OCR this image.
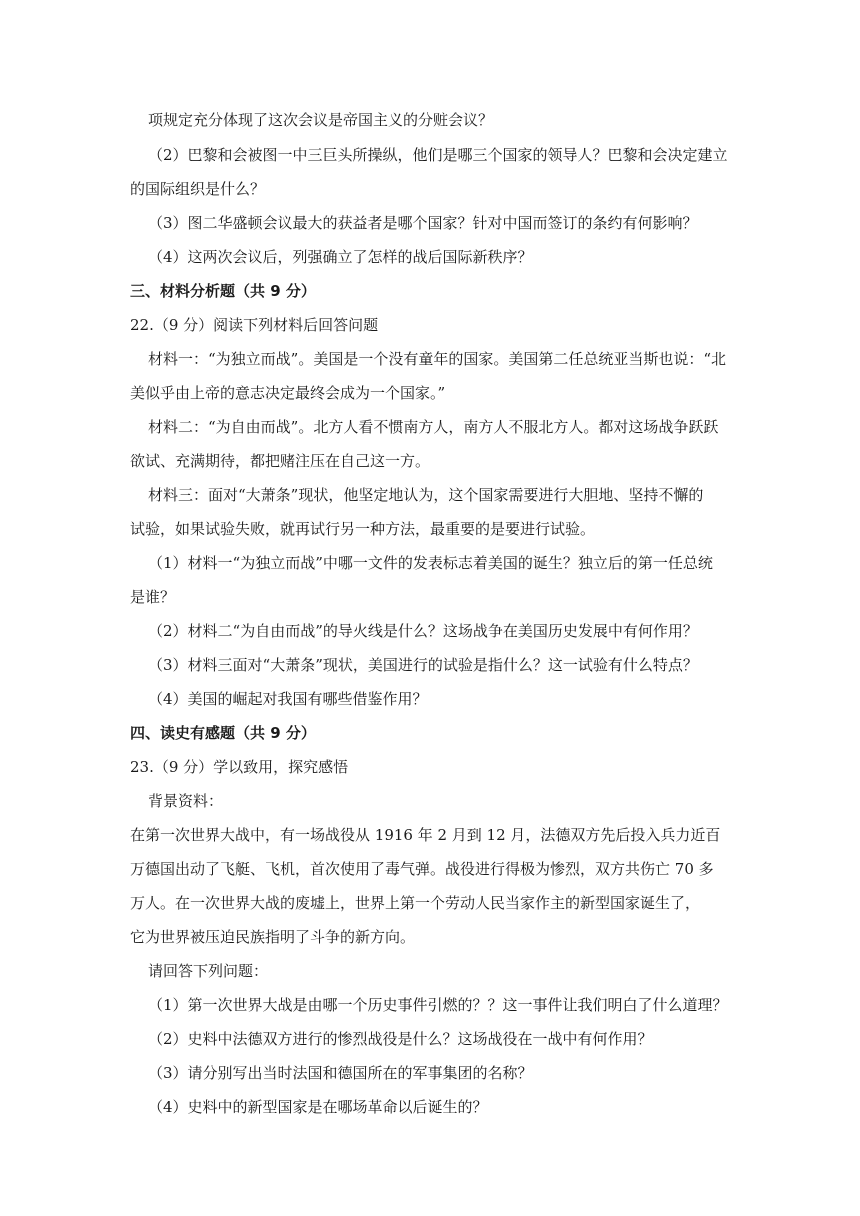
项规定充分体现了这次会议是帝国主义的分赃会议？
（2）巴黎和会被图一中三巨头所操纵，他们是哪三个国家的领导人？巴黎和会决定建立
的国际组织是什么？
（3）图二华盛顿会议最大的获益者是哪个国家？针对中国而签订的条约有何影响？
（4）这两次会议后，列强确立了怎样的战后国际新秩序？
三、材料分析题（共 9 分）
22.（9 分）阅读下列材料后回答问题
材料一：“为独立而战”。美国是一个没有童年的国家。美国第二任总统亚当斯也说：“北
美似乎由上帝的意志决定最终会成为一个国家。”
材料二：“为自由而战”。北方人看不惯南方人，南方人不服北方人。都对这场战争跃跃
欲试、充满期待，都把赌注压在自己这一方。
材料三：面对“大萧条”现状，他坚定地认为，这个国家需要进行大胆地、坚持不懈的
试验，如果试验失败，就再试行另一种方法，最重要的是要进行试验。
（1）材料一“为独立而战”中哪一文件的发表标志着美国的诞生？独立后的第一任总统
是谁？
（2）材料二“为自由而战”的导火线是什么？这场战争在美国历史发展中有何作用？
（3）材料三面对“大萧条”现状，美国进行的试验是指什么？这一试验有什么特点？
（4）美国的崛起对我国有哪些借鉴作用？
四、读史有感题（共 9 分）
23.（9 分）学以致用，探究感悟
背景资料：
在第一次世界大战中，有一场战役从 1916 年 2 月到 12 月，法德双方先后投入兵力近百
万德国出动了飞艇、飞机，首次使用了毒气弹。战役进行得极为惨烈，双方共伤亡 70 多
万人。在一次世界大战的废墟上，世界上第一个劳动人民当家作主的新型国家诞生了，
它为世界被压迫民族指明了斗争的新方向。
请回答下列问题：
（1）第一次世界大战是由哪一个历史事件引燃的？？这一事件让我们明白了什么道理？
（2）史料中法德双方进行的惨烈战役是什么？这场战役在一战中有何作用？
（3）请分别写出当时法国和德国所在的军事集团的名称？
（4）史料中的新型国家是在哪场革命以后诞生的？
